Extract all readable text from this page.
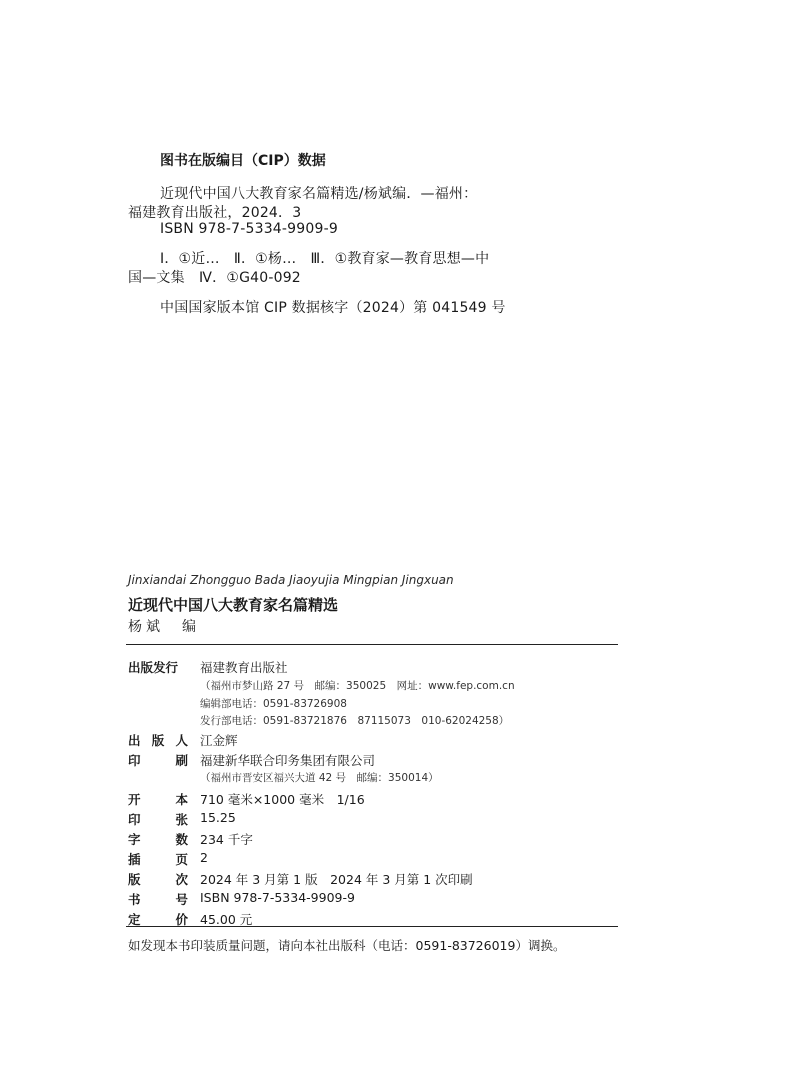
图书在版编目（CIP）数据
近现代中国八大教育家名篇精选/杨斌编．—福州：
福建教育出版社，2024．3
ISBN 978-7-5334-9909-9
Ⅰ．①近…　Ⅱ．①杨…　Ⅲ．①教育家—教育思想—中
国—文集　Ⅳ．①G40-092
中国国家版本馆 CIP 数据核字（2024）第 041549 号
Jinxiandai Zhongguo Bada Jiaoyujia Mingpian Jingxuan
近现代中国八大教育家名篇精选
杨斌　编
出版发行	福建教育出版社
（福州市梦山路 27 号　邮编：350025　网址：www.fep.com.cn
编辑部电话：0591-83726908
发行部电话：0591-83721876　87115073　010-62024258）
出 版 人 江金辉
印	刷 福建新华联合印务集团有限公司
（福州市晋安区福兴大道 42 号　邮编：350014）
开	本 710 毫米×1000 毫米　1/16
印	张 15.25
字	数 234 千字
插	页 2
版	次 2024 年 3 月第 1 版　2024 年 3 月第 1 次印刷
书	号 ISBN 978-7-5334-9909-9
定	价 45.00 元
如发现本书印装质量问题，请向本社出版科（电话：0591-83726019）调换。
